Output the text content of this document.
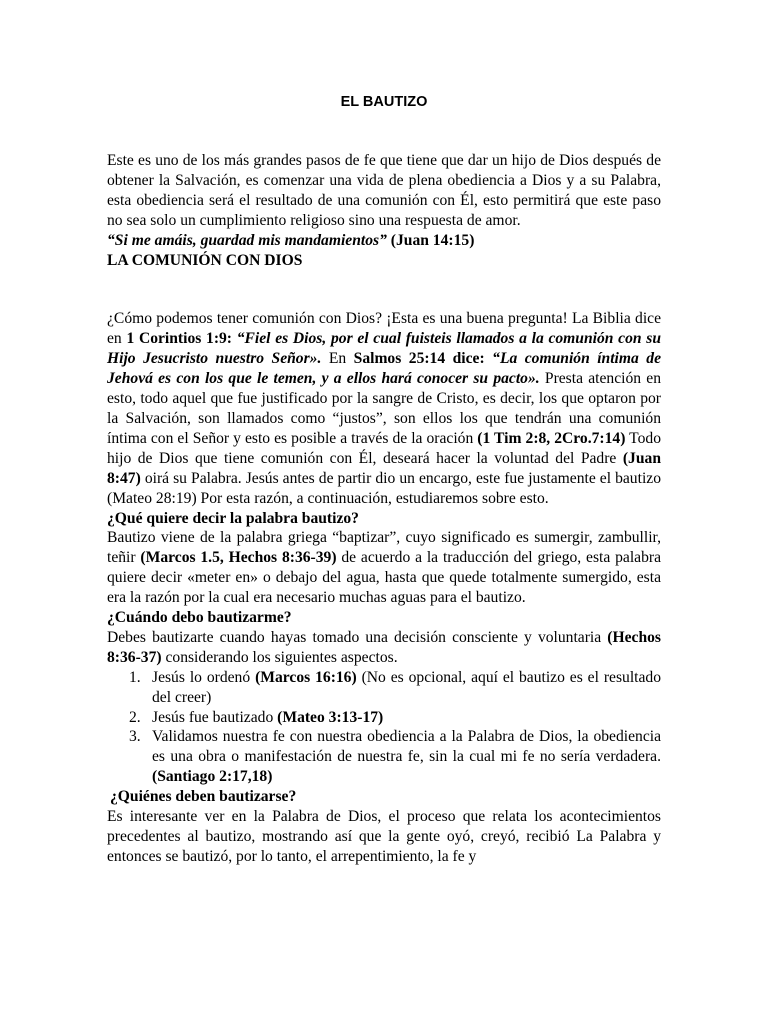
EL BAUTIZO

Este es uno de los más grandes pasos de fe que tiene que dar un hijo de Dios después de obtener la Salvación, es comenzar una vida de plena obediencia a Dios y a su Palabra, esta obediencia será el resultado de una comunión con Él, esto permitirá que este paso no sea solo un cumplimiento religioso sino una respuesta de amor.

“Si me amáis, guardad mis mandamientos” (Juan 14:15)

LA COMUNIÓN CON DIOS

¿Cómo podemos tener comunión con Dios? ¡Esta es una buena pregunta! La Biblia dice en 1 Corintios 1:9: “Fiel es Dios, por el cual fuisteis llamados a la comunión con su Hijo Jesucristo nuestro Señor». En Salmos 25:14 dice: “La comunión íntima de Jehová es con los que le temen, y a ellos hará conocer su pacto». Presta atención en esto, todo aquel que fue justificado por la sangre de Cristo, es decir, los que optaron por la Salvación, son llamados como “justos”, son ellos los que tendrán una comunión íntima con el Señor y esto es posible a través de la oración (1 Tim 2:8, 2Cro.7:14) Todo hijo de Dios que tiene comunión con Él, deseará hacer la voluntad del Padre (Juan 8:47) oirá su Palabra. Jesús antes de partir dio un encargo, este fue justamente el bautizo (Mateo 28:19) Por esta razón, a continuación, estudiaremos sobre esto.

¿Qué quiere decir la palabra bautizo?

Bautizo viene de la palabra griega “baptizar”, cuyo significado es sumergir, zambullir, teñir (Marcos 1.5, Hechos 8:36-39) de acuerdo a la traducción del griego, esta palabra quiere decir «meter en» o debajo del agua, hasta que quede totalmente sumergido, esta era la razón por la cual era necesario muchas aguas para el bautizo.

¿Cuándo debo bautizarme?

Debes bautizarte cuando hayas tomado una decisión consciente y voluntaria (Hechos 8:36-37) considerando los siguientes aspectos.

1. Jesús lo ordenó (Marcos 16:16) (No es opcional, aquí el bautizo es el resultado del creer)
2. Jesús fue bautizado (Mateo 3:13-17)
3. Validamos nuestra fe con nuestra obediencia a la Palabra de Dios, la obediencia es una obra o manifestación de nuestra fe, sin la cual mi fe no sería verdadera. (Santiago 2:17,18)
¿Quiénes deben bautizarse?

Es interesante ver en la Palabra de Dios, el proceso que relata los acontecimientos precedentes al bautizo, mostrando así que la gente oyó, creyó, recibió La Palabra y entonces se bautizó, por lo tanto, el arrepentimiento, la fe y
